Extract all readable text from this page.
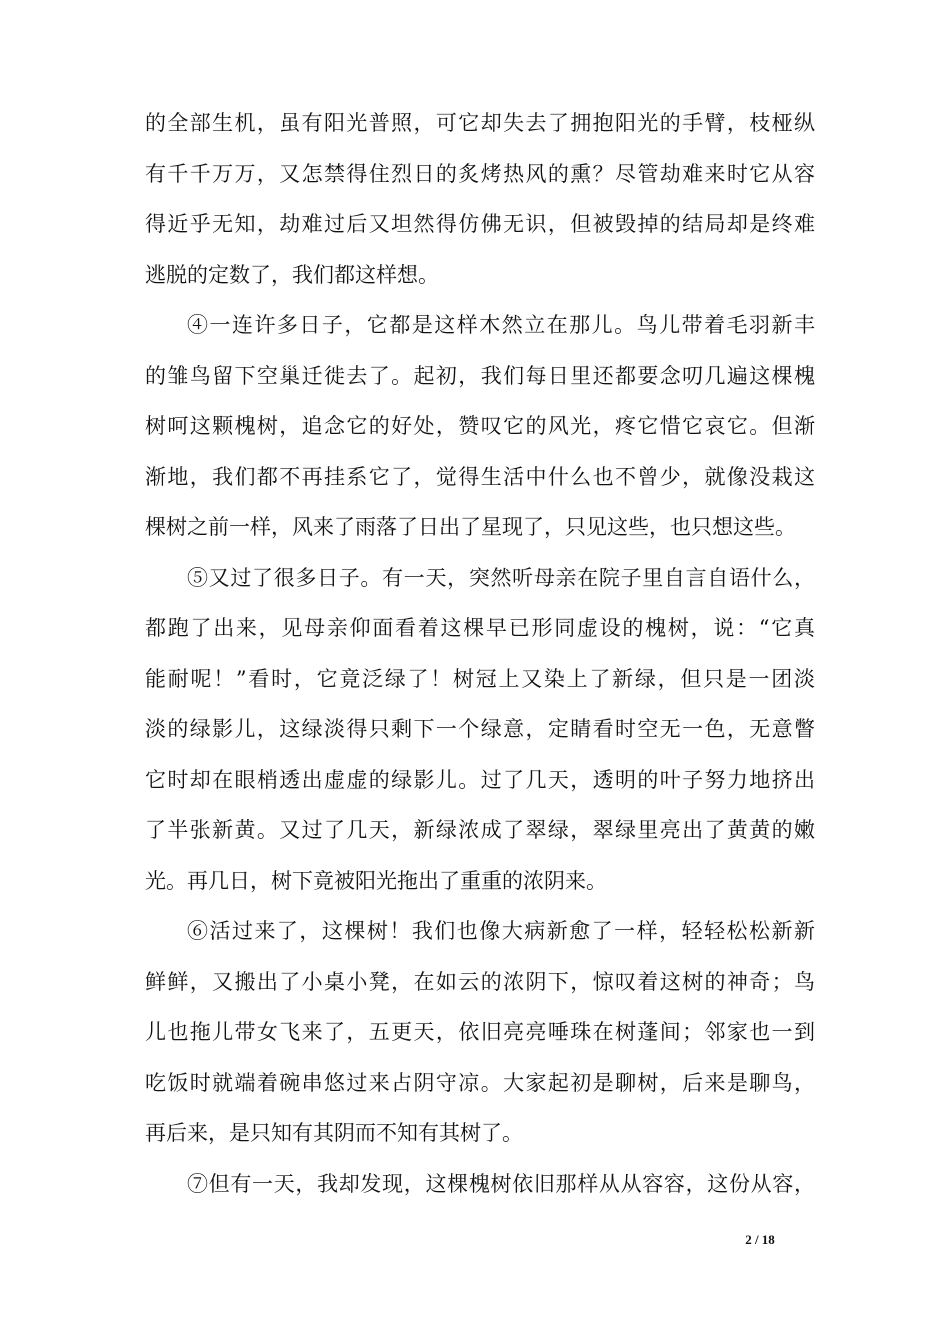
的全部生机，虽有阳光普照，可它却失去了拥抱阳光的手臂，枝桠纵
有千千万万，又怎禁得住烈日的炙烤热风的熏？尽管劫难来时它从容
得近乎无知，劫难过后又坦然得仿佛无识，但被毁掉的结局却是终难
逃脱的定数了，我们都这样想。
④一连许多日子，它都是这样木然立在那儿。鸟儿带着毛羽新丰
的雏鸟留下空巢迁徙去了。起初，我们每日里还都要念叨几遍这棵槐
树呵这颗槐树，追念它的好处，赞叹它的风光，疼它惜它哀它。但渐
渐地，我们都不再挂系它了，觉得生活中什么也不曾少，就像没栽这
棵树之前一样，风来了雨落了日出了星现了，只见这些，也只想这些。
⑤又过了很多日子。有一天，突然听母亲在院子里自言自语什么，
都跑了出来，见母亲仰面看着这棵早已形同虚设的槐树，说：“它真
能耐呢！”看时，它竟泛绿了！树冠上又染上了新绿，但只是一团淡
淡的绿影儿，这绿淡得只剩下一个绿意，定睛看时空无一色，无意瞥
它时却在眼梢透出虚虚的绿影儿。过了几天，透明的叶子努力地挤出
了半张新黄。又过了几天，新绿浓成了翠绿，翠绿里亮出了黄黄的嫩
光。再几日，树下竟被阳光拖出了重重的浓阴来。
⑥活过来了，这棵树！我们也像大病新愈了一样，轻轻松松新新
鲜鲜，又搬出了小桌小凳，在如云的浓阴下，惊叹着这树的神奇；鸟
儿也拖儿带女飞来了，五更天，依旧亮亮唾珠在树蓬间；邻家也一到
吃饭时就端着碗串悠过来占阴守凉。大家起初是聊树，后来是聊鸟，
再后来，是只知有其阴而不知有其树了。
⑦但有一天，我却发现，这棵槐树依旧那样从从容容，这份从容，
2 / 18
